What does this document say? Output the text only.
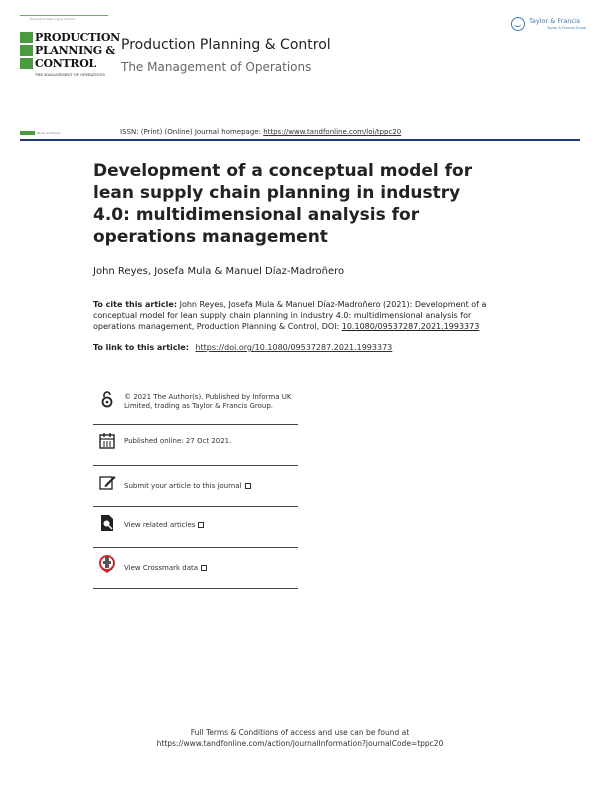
Production Planning & Control
PRODUCTION
PLANNING &
CONTROL
THE MANAGEMENT OF OPERATIONS
Production Planning & Control
The Management of Operations
Taylor & Francis
Taylor & Francis Group
Taylor & Francis	ISSN: (Print) (Online) Journal homepage: https://www.tandfonline.com/loi/tppc20
Development of a conceptual model for lean supply chain planning in industry 4.0: multidimensional analysis for operations management
John Reyes, Josefa Mula & Manuel Díaz-Madroñero
To cite this article: John Reyes, Josefa Mula & Manuel Díaz-Madroñero (2021): Development of a conceptual model for lean supply chain planning in industry 4.0: multidimensional analysis for operations management, Production Planning & Control, DOI: 10.1080/09537287.2021.1993373
To link to this article: https://doi.org/10.1080/09537287.2021.1993373
© 2021 The Author(s). Published by Informa UK Limited, trading as Taylor & Francis Group.
Published online: 27 Oct 2021.
Submit your article to this journal
View related articles
View Crossmark data
Full Terms & Conditions of access and use can be found at
https://www.tandfonline.com/action/journalInformation?journalCode=tppc20
